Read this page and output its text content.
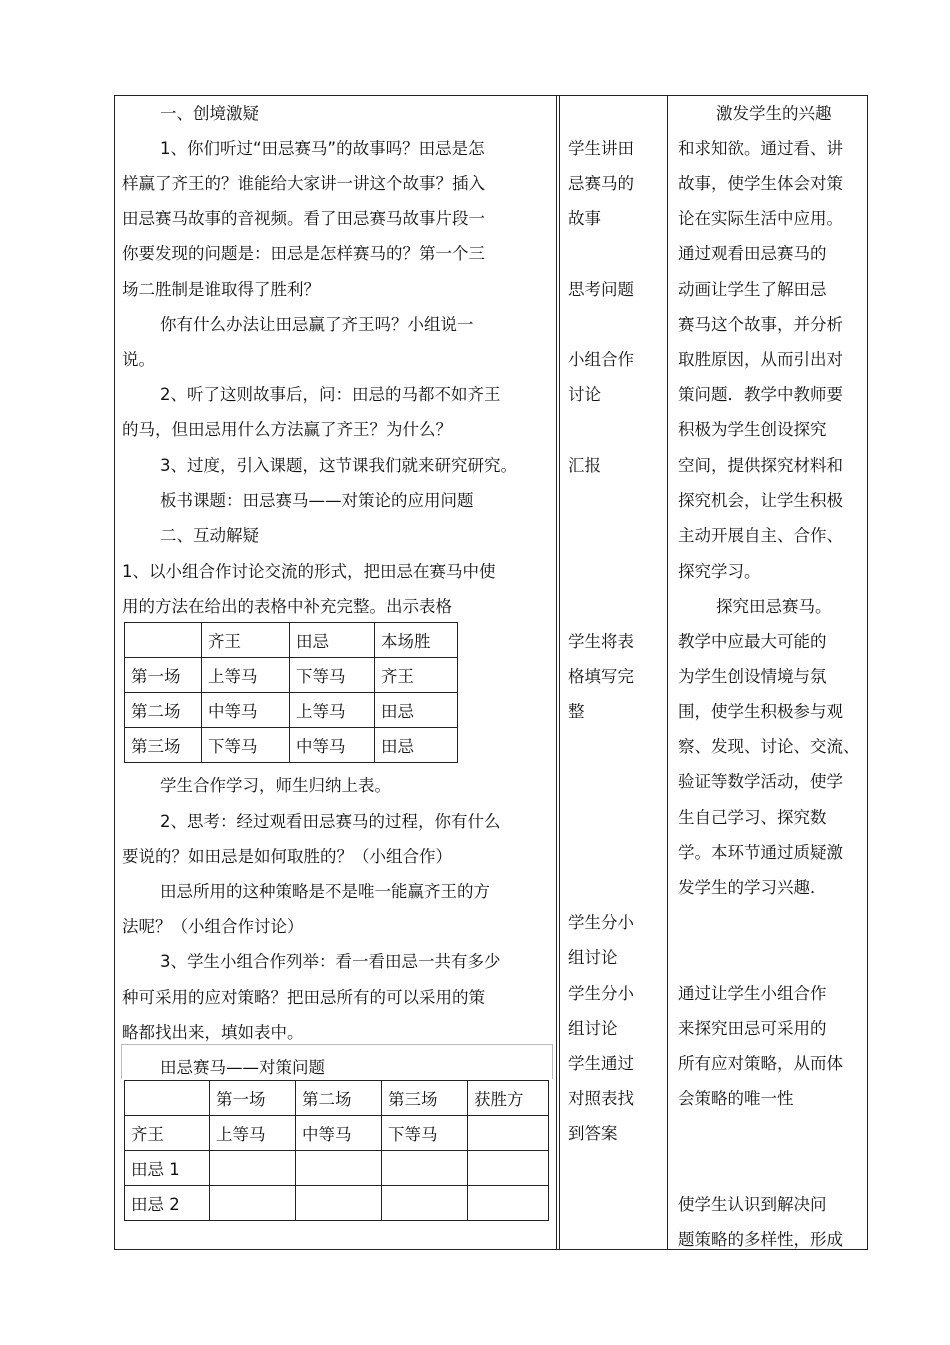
一、创境激疑
1、你们听过“田忌赛马”的故事吗？田忌是怎
样赢了齐王的？谁能给大家讲一讲这个故事？插入
田忌赛马故事的音视频。看了田忌赛马故事片段一
你要发现的问题是：田忌是怎样赛马的？第一个三
场二胜制是谁取得了胜利？
你有什么办法让田忌赢了齐王吗？小组说一
说。
2、听了这则故事后，问：田忌的马都不如齐王
的马，但田忌用什么方法赢了齐王？为什么？
3、过度，引入课题，这节课我们就来研究研究。
板书课题：田忌赛马——对策论的应用问题
二、互动解疑
1、以小组合作讨论交流的形式，把田忌在赛马中使
用的方法在给出的表格中补充完整。出示表格
	齐王	田忌	本场胜
第一场	上等马	下等马	齐王
第二场	中等马	上等马	田忌
第三场	下等马	中等马	田忌
学生合作学习，师生归纳上表。
2、思考：经过观看田忌赛马的过程，你有什么
要说的？如田忌是如何取胜的？（小组合作）
田忌所用的这种策略是不是唯一能赢齐王的方
法呢？（小组合作讨论）
3、学生小组合作列举：看一看田忌一共有多少
种可采用的应对策略？把田忌所有的可以采用的策
略都找出来，填如表中。
田忌赛马——对策问题
	第一场	第二场	第三场	获胜方
齐王	上等马	中等马	下等马	
田忌 1				
田忌 2				
学生讲田
忌赛马的
故事
思考问题
小组合作
讨论
汇报
学生将表
格填写完
整
学生分小
组讨论
学生分小
组讨论
学生通过
对照表找
到答案
激发学生的兴趣
和求知欲。通过看、讲
故事，使学生体会对策
论在实际生活中应用。
通过观看田忌赛马的
动画让学生了解田忌
赛马这个故事，并分析
取胜原因，从而引出对
策问题．教学中教师要
积极为学生创设探究
空间，提供探究材料和
探究机会，让学生积极
主动开展自主、合作、
探究学习。
探究田忌赛马。
教学中应最大可能的
为学生创设情境与氛
围，使学生积极参与观
察、发现、讨论、交流、
验证等数学活动，使学
生自己学习、探究数
学。本环节通过质疑激
发学生的学习兴趣．
通过让学生小组合作
来探究田忌可采用的
所有应对策略，从而体
会策略的唯一性
使学生认识到解决问
题策略的多样性，形成
